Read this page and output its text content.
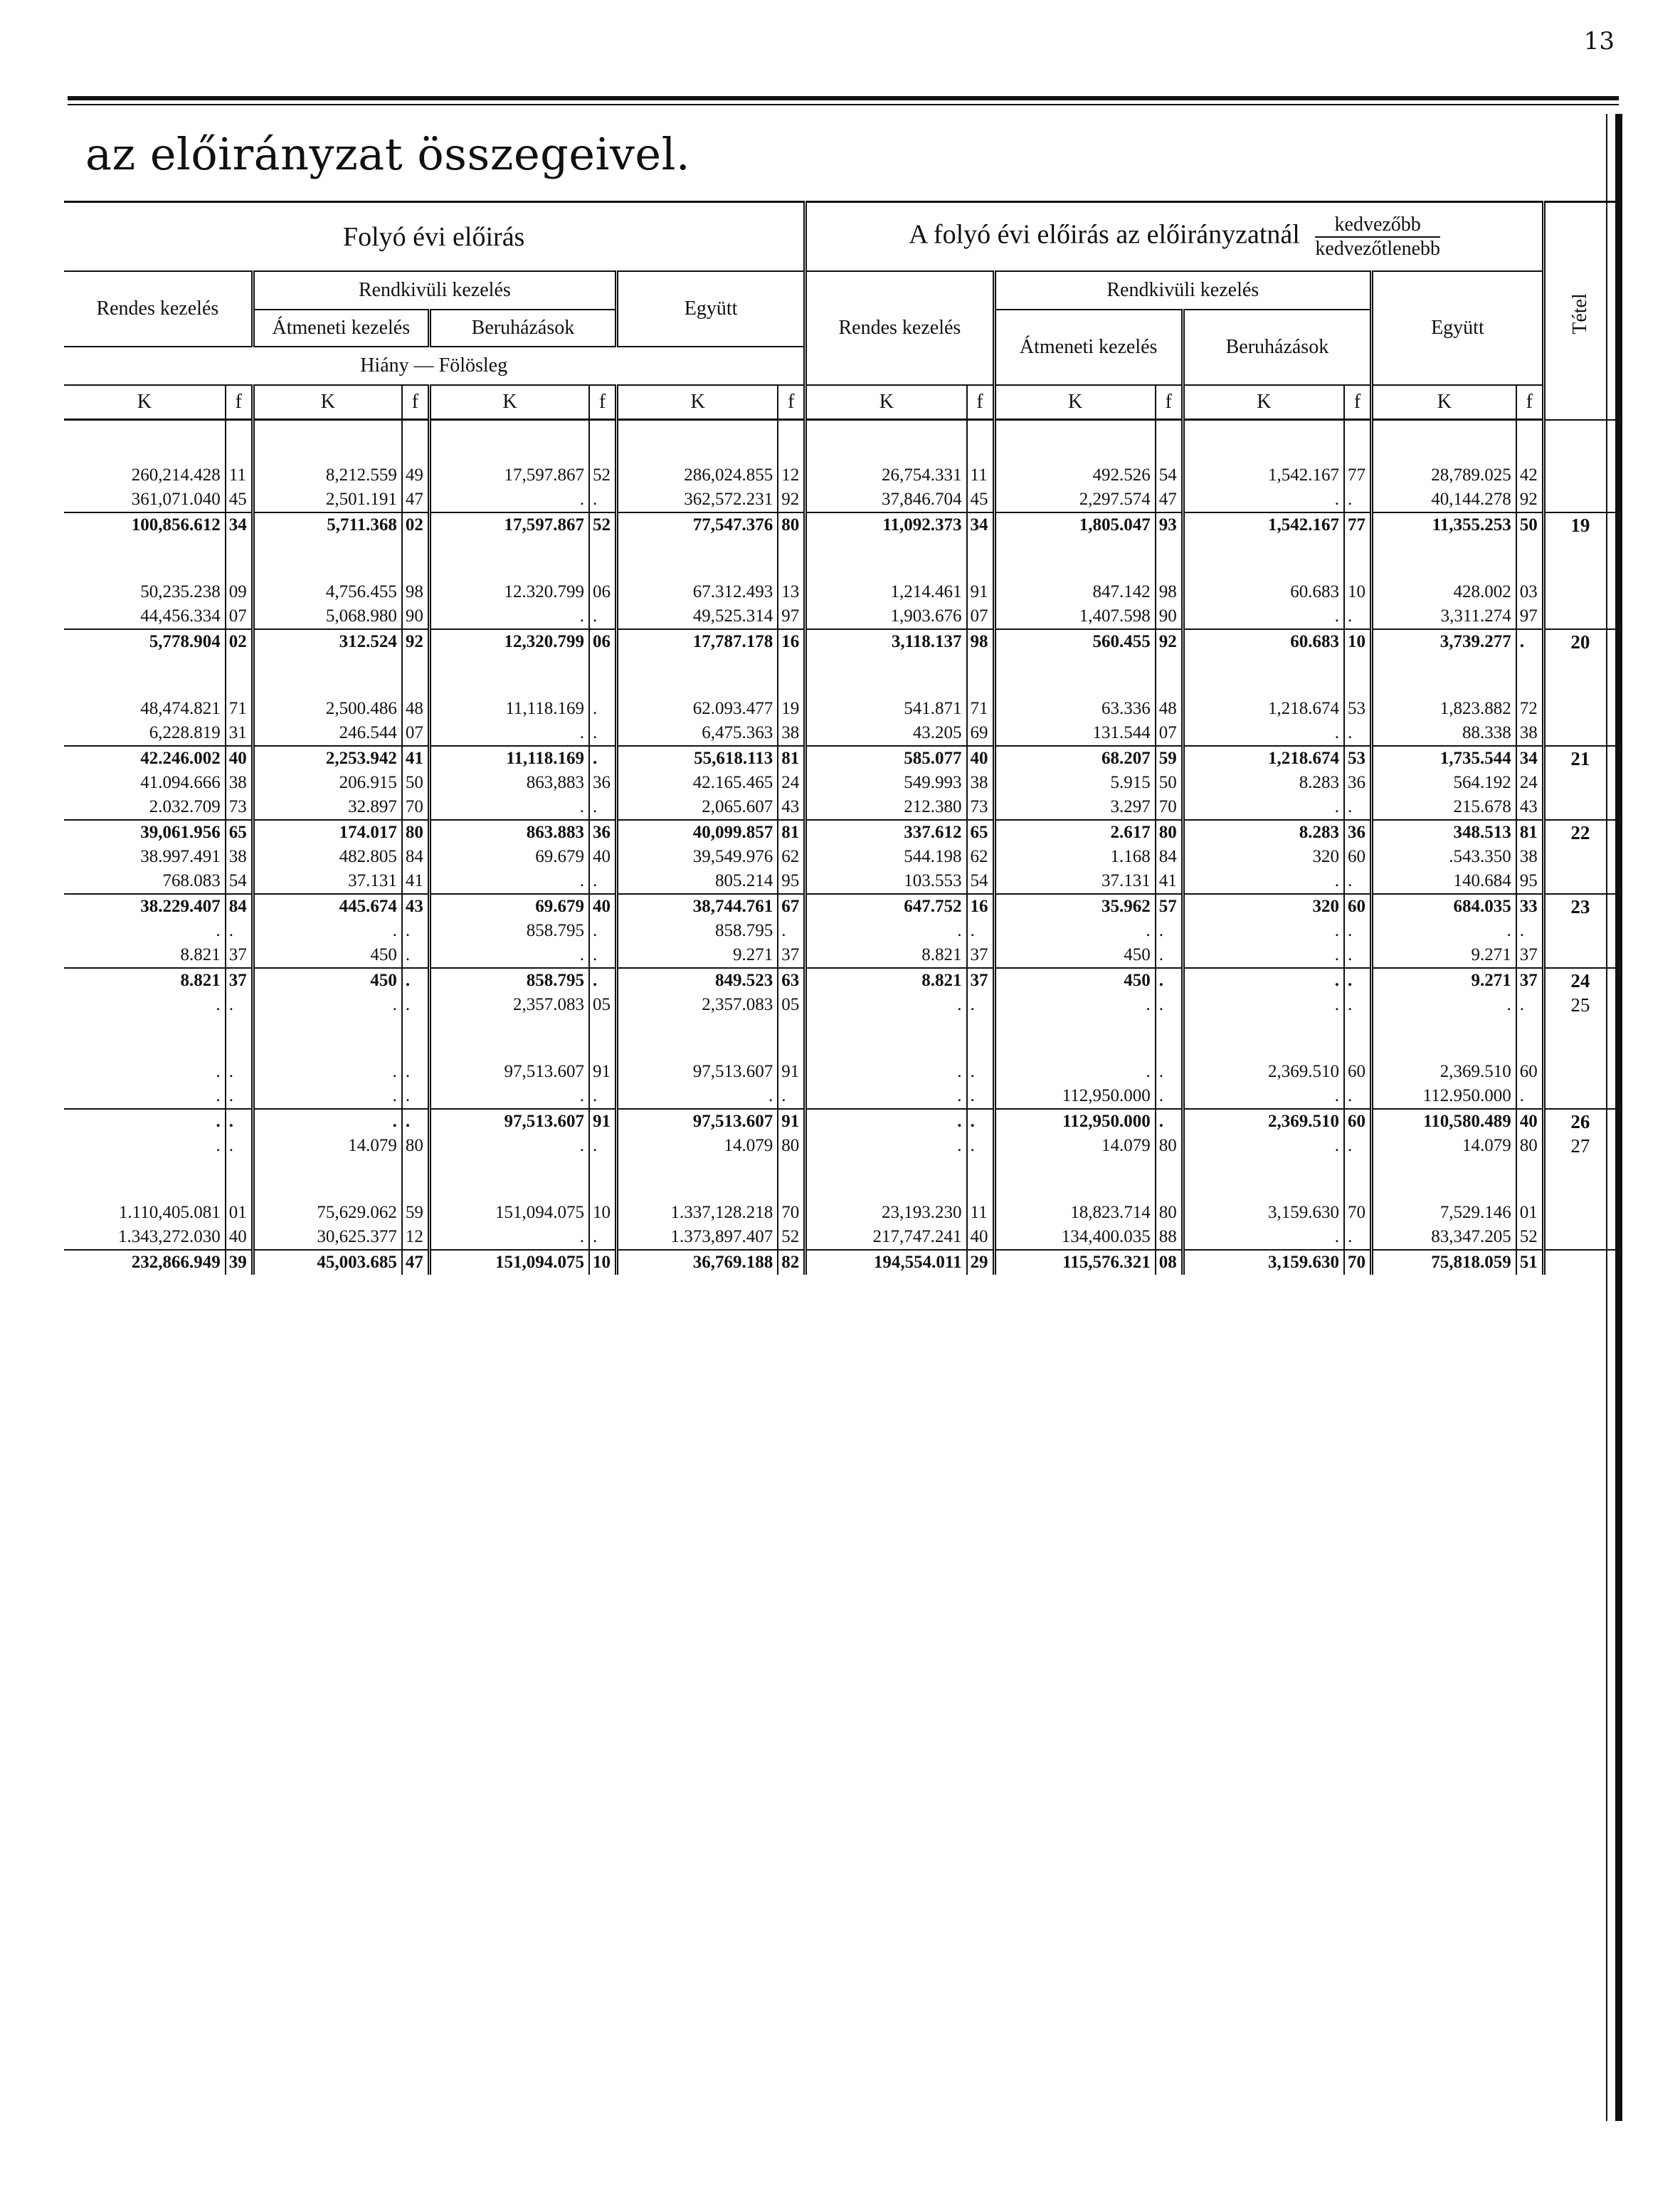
13
az előirányzat összegeivel.
Folyó évi előirás								A folyó évi előirás az előirányzatnál $\frac{\text{kedvezőbb}}{\text{kedvezőtlenebb}}$								Tétel
Rendes kezelés		Rendkivüli kezelés				Együtt		Rendes kezelés		Rendkivüli kezelés				Együtt		
		Átmeneti kezelés		Beruházások						Átmeneti kezelés		Beruházások				
Hiány — Fölösleg																
K	f	K	f	K	f	K	f	K	f	K	f	K	f	K	f	

260,214.428	11	8,212.559	49	17,597.867	52	286,024.855	12	26,754.331	11	492.526	54	1,542.167	77	28,789.025	42	
361,071.040	45	2,501.191	47	.	.	362,572.231	92	37,846.704	45	2,297.574	47	.	.	40,144.278	92	
100,856.612	34	5,711.368	02	17,597.867	52	77,547.376	80	11,092.373	34	1,805.047	93	1,542.167	77	11,355.253	50	19

50,235.238	09	4,756.455	98	12.320.799	06	67.312.493	13	1,214.461	91	847.142	98	60.683	10	428.002	03	
44,456.334	07	5,068.980	90	.	.	49,525.314	97	1,903.676	07	1,407.598	90	.	.	3,311.274	97	
5,778.904	02	312.524	92	12,320.799	06	17,787.178	16	3,118.137	98	560.455	92	60.683	10	3,739.277	.	20

48,474.821	71	2,500.486	48	11,118.169	.	62.093.477	19	541.871	71	63.336	48	1,218.674	53	1,823.882	72	
6,228.819	31	246.544	07	.	.	6,475.363	38	43.205	69	131.544	07	.	.	88.338	38	
42.246.002	40	2,253.942	41	11,118.169	.	55,618.113	81	585.077	40	68.207	59	1,218.674	53	1,735.544	34	21
41.094.666	38	206.915	50	863,883	36	42.165.465	24	549.993	38	5.915	50	8.283	36	564.192	24	
2.032.709	73	32.897	70	.	.	2,065.607	43	212.380	73	3.297	70	.	.	215.678	43	
39,061.956	65	174.017	80	863.883	36	40,099.857	81	337.612	65	2.617	80	8.283	36	348.513	81	22
38.997.491	38	482.805	84	69.679	40	39,549.976	62	544.198	62	1.168	84	320	60	.543.350	38	
768.083	54	37.131	41	.	.	805.214	95	103.553	54	37.131	41	.	.	140.684	95	
38.229.407	84	445.674	43	69.679	40	38,744.761	67	647.752	16	35.962	57	320	60	684.035	33	23
.	.	.	.	858.795	.	858.795	.	.	.	.	.	.	.	.	.	
8.821	37	450	.	.	.	9.271	37	8.821	37	450	.	.	.	9.271	37	
8.821	37	450	.	858.795	.	849.523	63	8.821	37	450	.	.	.	9.271	37	24
.	.	.	.	2,357.083	05	2,357.083	05	.	.	.	.	.	.	.	.	25

.	.	.	.	97,513.607	91	97,513.607	91	.	.	.	.	2,369.510	60	2,369.510	60	
.	.	.	.	.	.	.	.	.	.	112,950.000	.	.	.	112.950.000	.	
.	.	.	.	97,513.607	91	97,513.607	91	.	.	112,950.000	.	2,369.510	60	110,580.489	40	26
.	.	14.079	80	.	.	14.079	80	.	.	14.079	80	.	.	14.079	80	27

1.110,405.081	01	75,629.062	59	151,094.075	10	1.337,128.218	70	23,193.230	11	18,823.714	80	3,159.630	70	7,529.146	01	
1.343,272.030	40	30,625.377	12	.	.	1.373,897.407	52	217,747.241	40	134,400.035	88	.	.	83,347.205	52	
232,866.949	39	45,003.685	47	151,094.075	10	36,769.188	82	194,554.011	29	115,576.321	08	3,159.630	70	75,818.059	51	
